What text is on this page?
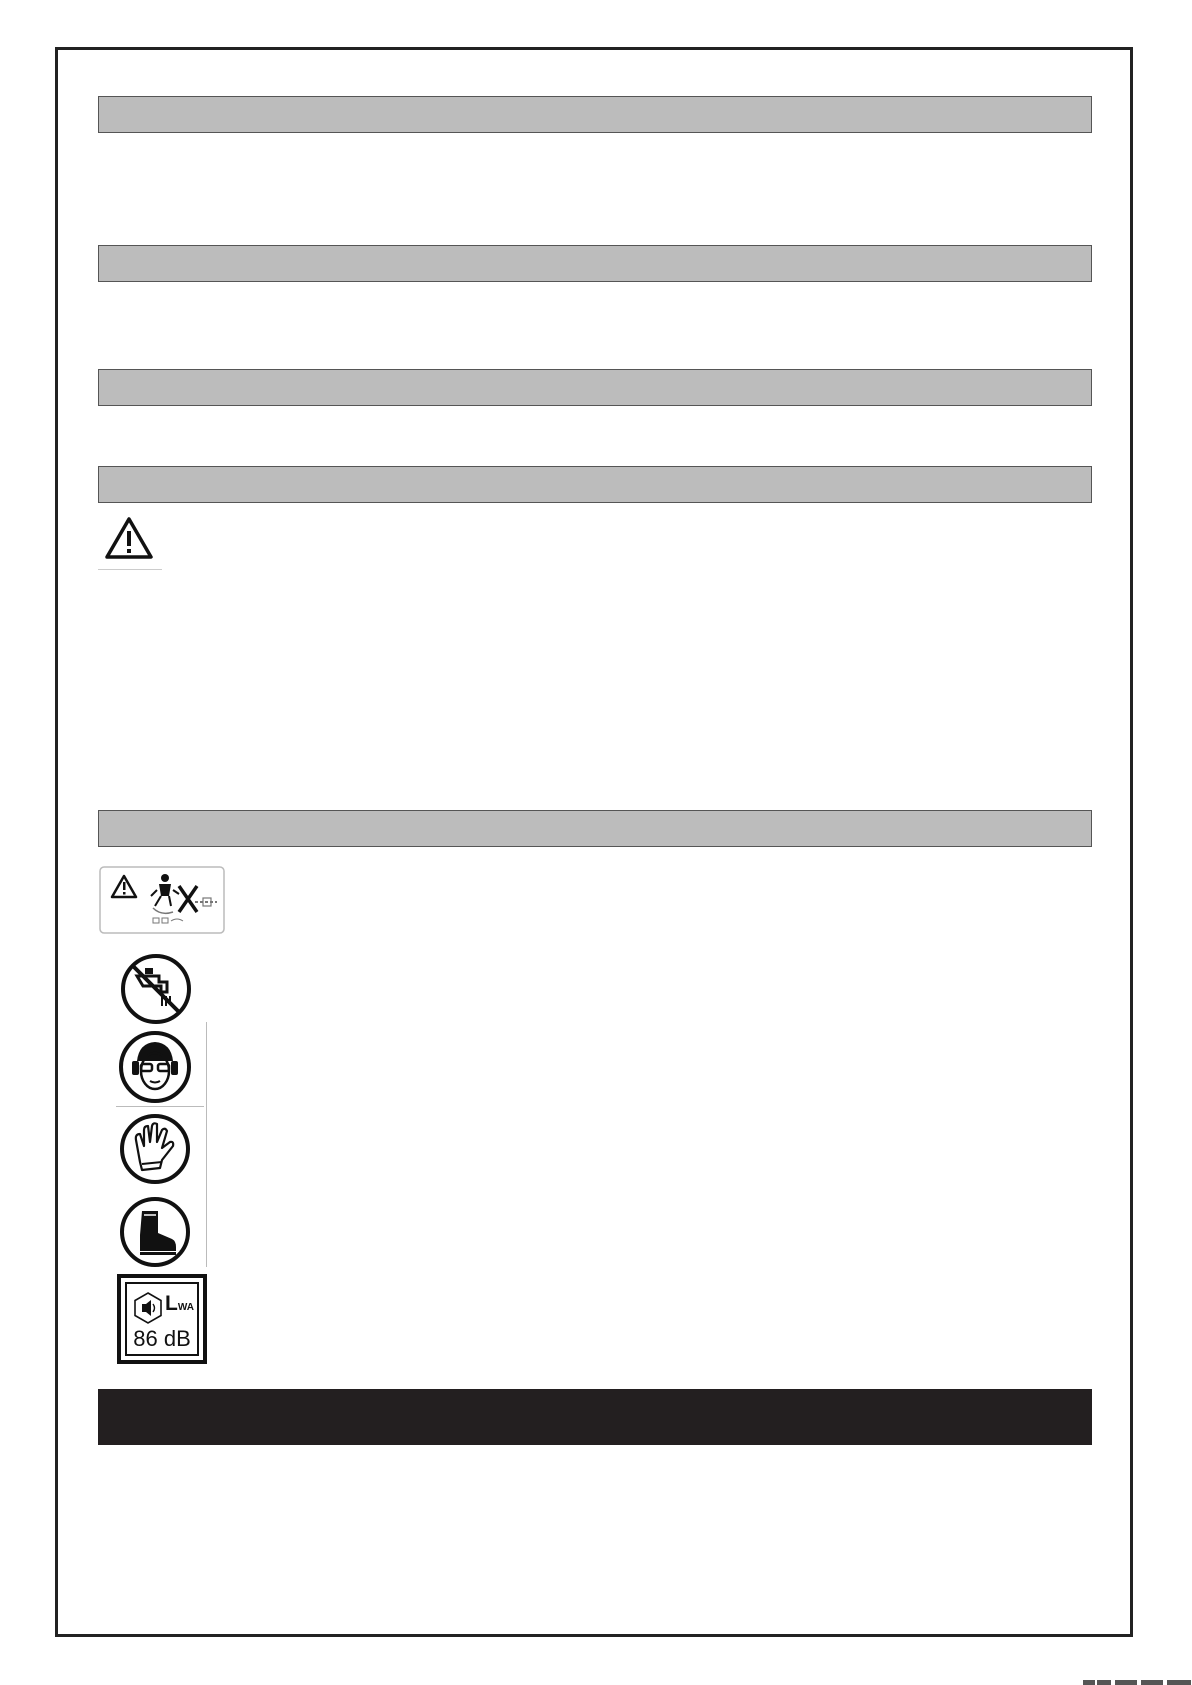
LWA
86 dB
